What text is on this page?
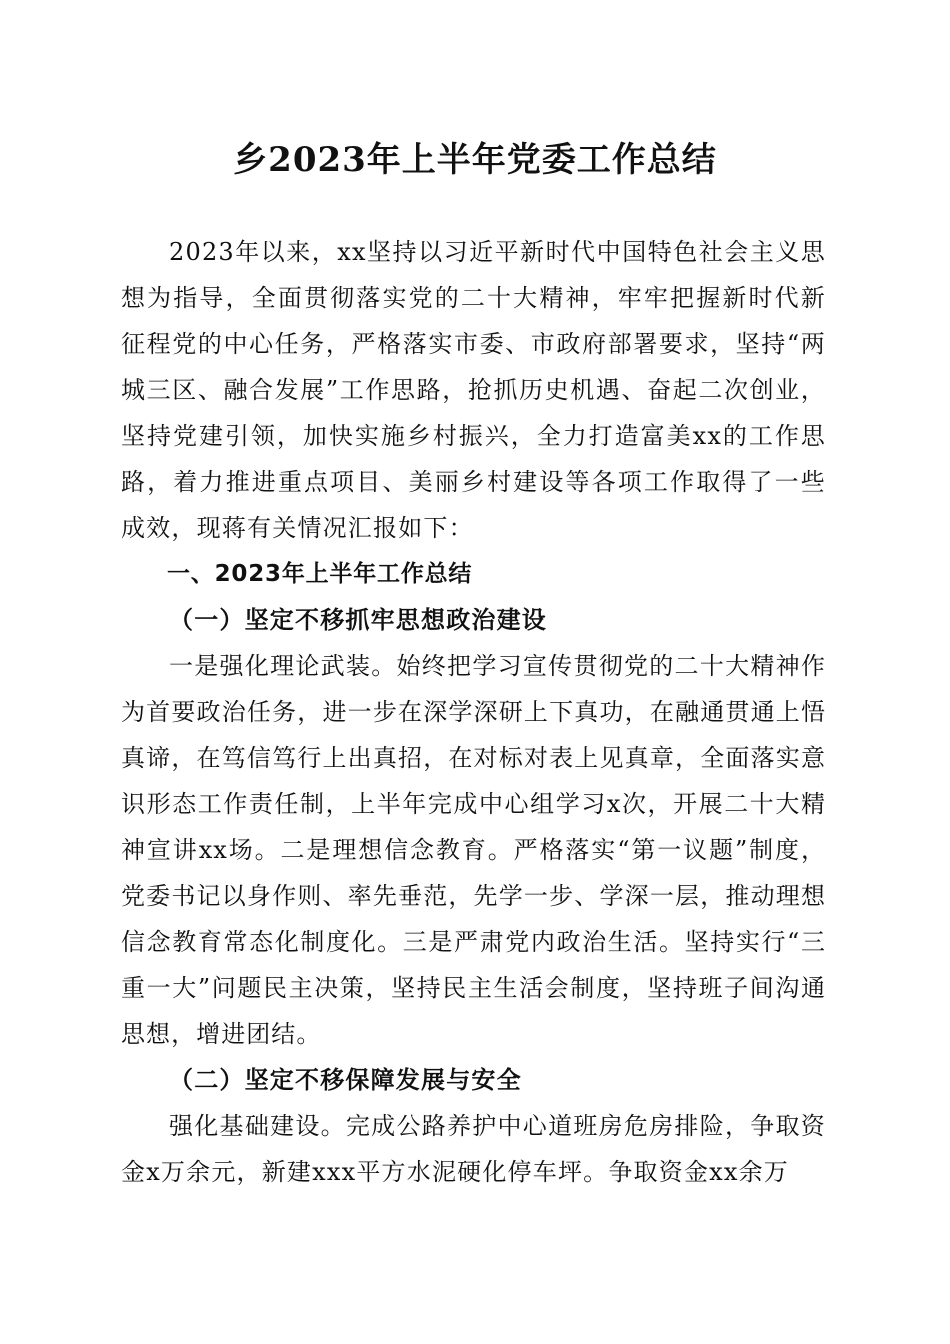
乡2023年上半年党委工作总结

2023年以来，xx坚持以习近平新时代中国特色社会主义思想为指导，全面贯彻落实党的二十大精神，牢牢把握新时代新征程党的中心任务，严格落实市委、市政府部署要求，坚持“两城三区、融合发展”工作思路，抢抓历史机遇、奋起二次创业，坚持党建引领，加快实施乡村振兴，全力打造富美xx的工作思路，着力推进重点项目、美丽乡村建设等各项工作取得了一些成效，现蒋有关情况汇报如下：

一、2023年上半年工作总结

（一）坚定不移抓牢思想政治建设

一是强化理论武装。始终把学习宣传贯彻党的二十大精神作为首要政治任务，进一步在深学深研上下真功，在融通贯通上悟真谛，在笃信笃行上出真招，在对标对表上见真章，全面落实意识形态工作责任制，上半年完成中心组学习x次，开展二十大精神宣讲xx场。二是理想信念教育。严格落实“第一议题”制度，党委书记以身作则、率先垂范，先学一步、学深一层，推动理想信念教育常态化制度化。三是严肃党内政治生活。坚持实行“三重一大”问题民主决策，坚持民主生活会制度，坚持班子间沟通思想，增进团结。

（二）坚定不移保障发展与安全

强化基础建设。完成公路养护中心道班房危房排险，争取资金x万余元，新建xxx平方水泥硬化停车坪。争取资金xx余万
